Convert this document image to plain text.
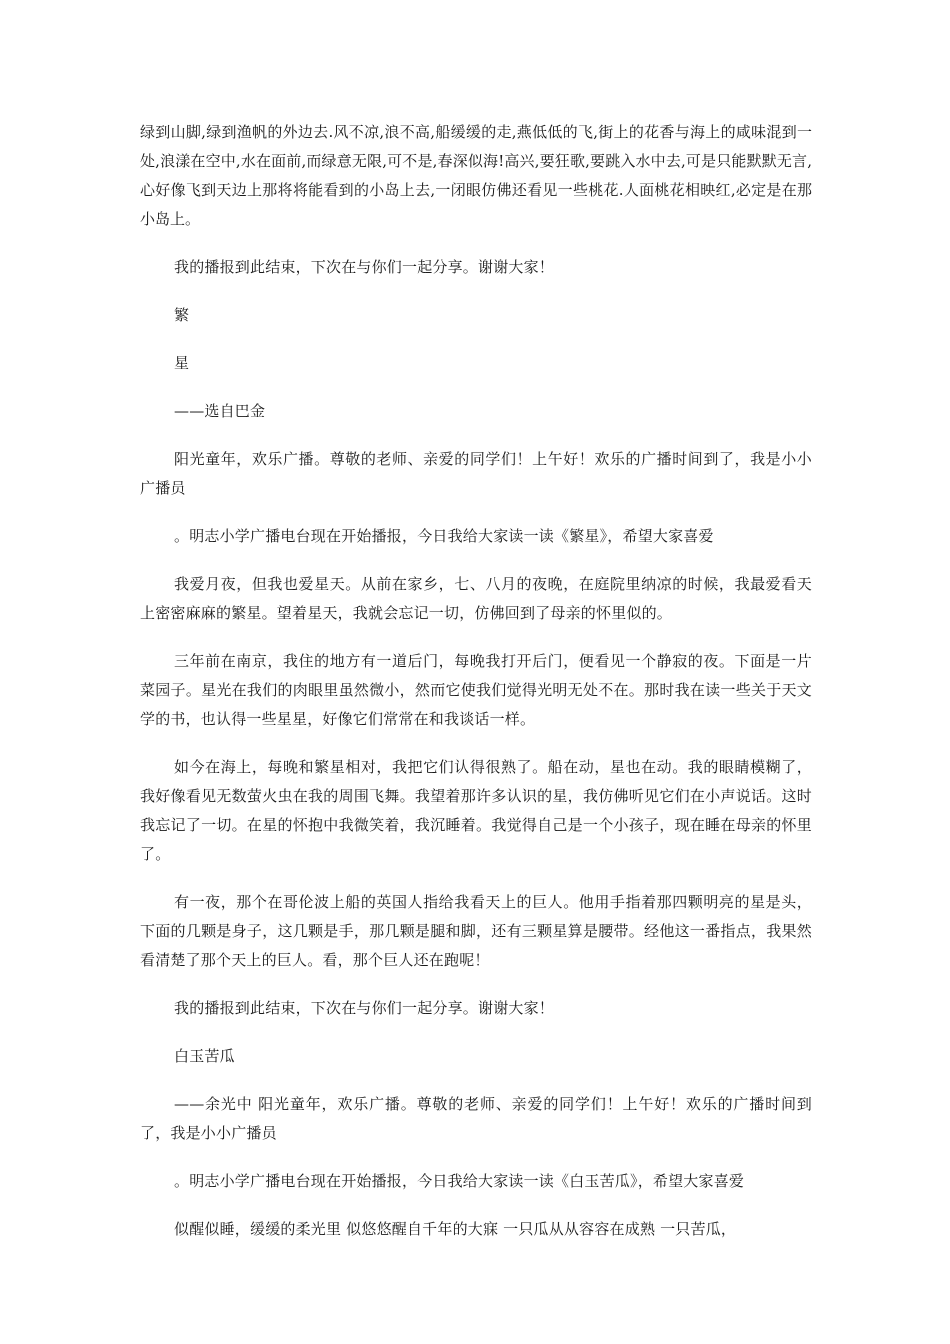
绿到山脚,绿到渔帆的外边去.风不凉,浪不高,船缓缓的走,燕低低的飞,街上的花香与海上的咸味混到一处,浪漾在空中,水在面前,而绿意无限,可不是,春深似海!高兴,要狂歌,要跳入水中去,可是只能默默无言,心好像飞到天边上那将将能看到的小岛上去,一闭眼仿佛还看见一些桃花.人面桃花相映红,必定是在那小岛上。

我的播报到此结束，下次在与你们一起分享。谢谢大家！

繁

星

——选自巴金

阳光童年，欢乐广播。尊敬的老师、亲爱的同学们！上午好！欢乐的广播时间到了，我是小小广播员

。明志小学广播电台现在开始播报，今日我给大家读一读《繁星》，希望大家喜爱

我爱月夜，但我也爱星天。从前在家乡，七、八月的夜晚，在庭院里纳凉的时候，我最爱看天上密密麻麻的繁星。望着星天，我就会忘记一切，仿佛回到了母亲的怀里似的。

三年前在南京，我住的地方有一道后门，每晚我打开后门，便看见一个静寂的夜。下面是一片菜园子。星光在我们的肉眼里虽然微小，然而它使我们觉得光明无处不在。那时我在读一些关于天文学的书，也认得一些星星，好像它们常常在和我谈话一样。

如今在海上，每晚和繁星相对，我把它们认得很熟了。船在动，星也在动。我的眼睛模糊了，我好像看见无数萤火虫在我的周围飞舞。我望着那许多认识的星，我仿佛听见它们在小声说话。这时我忘记了一切。在星的怀抱中我微笑着，我沉睡着。我觉得自己是一个小孩子，现在睡在母亲的怀里了。

有一夜，那个在哥伦波上船的英国人指给我看天上的巨人。他用手指着那四颗明亮的星是头，下面的几颗是身子，这几颗是手，那几颗是腿和脚，还有三颗星算是腰带。经他这一番指点，我果然看清楚了那个天上的巨人。看，那个巨人还在跑呢！

我的播报到此结束，下次在与你们一起分享。谢谢大家！

白玉苦瓜

——余光中 阳光童年，欢乐广播。尊敬的老师、亲爱的同学们！上午好！欢乐的广播时间到了，我是小小广播员

。明志小学广播电台现在开始播报，今日我给大家读一读《白玉苦瓜》，希望大家喜爱

似醒似睡，缓缓的柔光里 似悠悠醒自千年的大寐 一只瓜从从容容在成熟 一只苦瓜，
